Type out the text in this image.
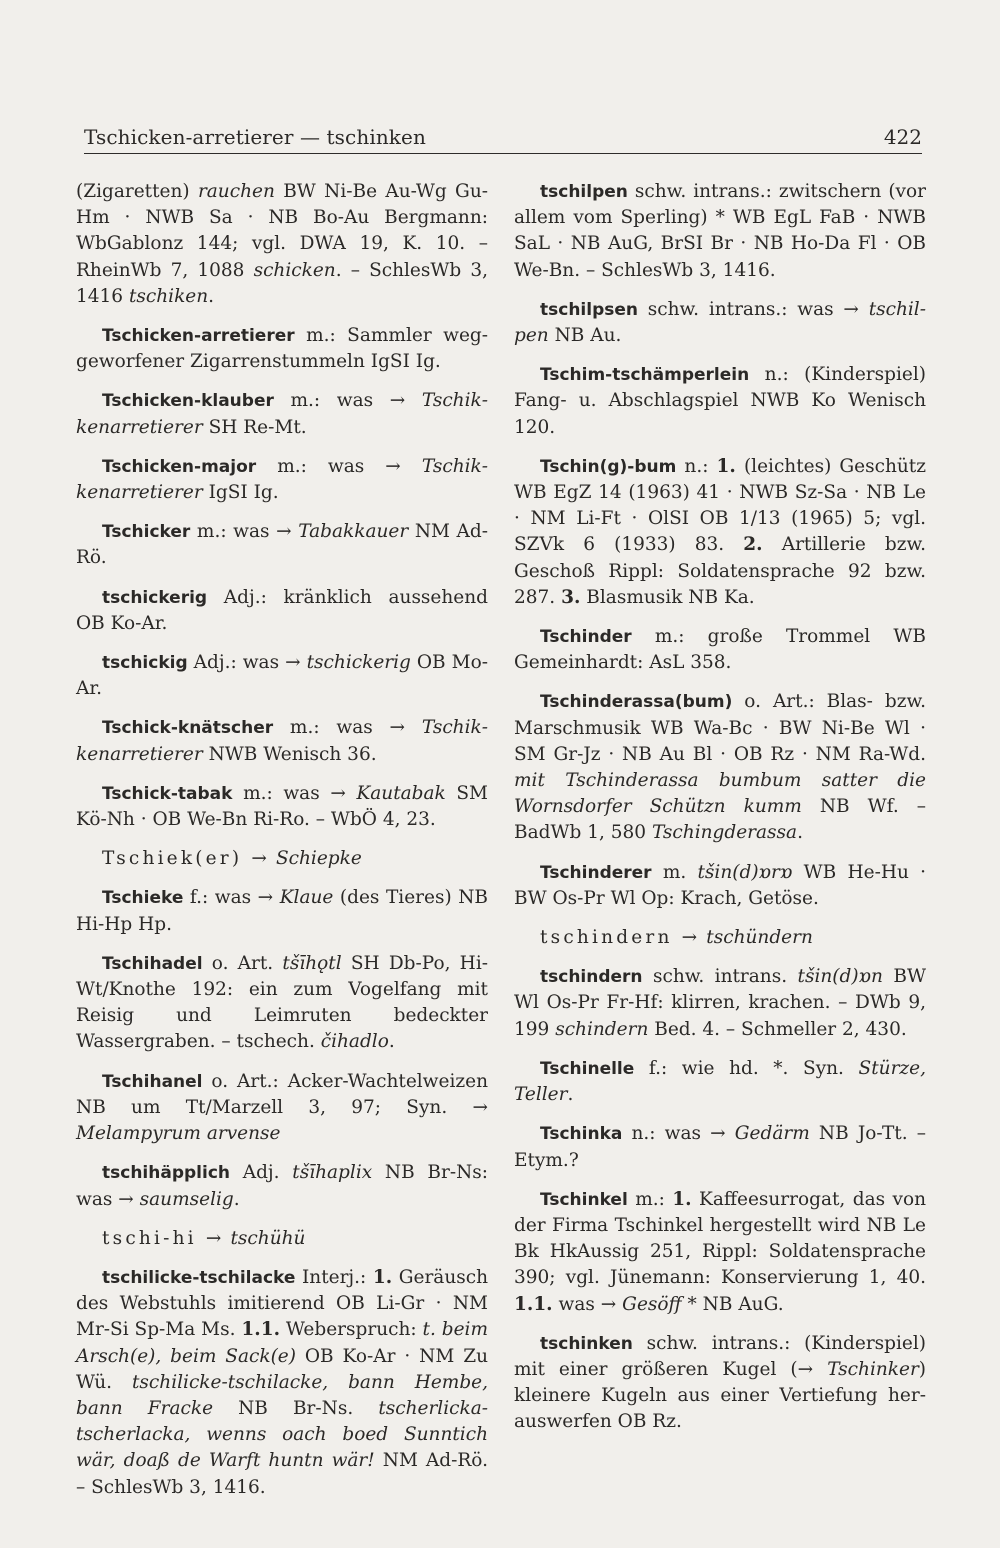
Tschicken-arretierer — tschinken	422

(Zigaretten) rauchen BW Ni-Be Au-Wg Gu-Hm · NWB Sa · NB Bo-Au Bergmann: WbGablonz 144; vgl. DWA 19, K. 10. – RheinWb 7, 1088 schicken. – SchlesWb 3, 1416 tschiken.

Tschicken-arretierer m.: Sammler weggeworfener Zigarrenstummeln IgSI Ig.

Tschicken-klauber m.: was → Tschikkenarretierer SH Re-Mt.

Tschicken-major m.: was → Tschikkenarretierer IgSI Ig.

Tschicker m.: was → Tabakkauer NM Ad-Rö.

tschickerig Adj.: kränklich aussehend OB Ko-Ar.

tschickig Adj.: was → tschickerig OB Mo-Ar.

Tschick-knätscher m.: was → Tschikkenarretierer NWB Wenisch 36.

Tschick-tabak m.: was → Kautabak SM Kö-Nh · OB We-Bn Ri-Ro. – WbÖ 4, 23.

Tschiek(er) → Schiepke

Tschieke f.: was → Klaue (des Tieres) NB Hi-Hp Hp.

Tschihadel o. Art. tšīhǫtl SH Db-Po, Hi-Wt/Knothe 192: ein zum Vogelfang mit Reisig und Leimruten bedeckter Wassergraben. – tschech. čihadlo.

Tschihanel o. Art.: Acker-Wachtelweizen NB um Tt/Marzell 3, 97; Syn. → Melampyrum arvense

tschihäpplich Adj. tšīhaplix NB Br-Ns: was → saumselig.

tschi-hi → tschühü

tschilicke-tschilacke Interj.: 1. Geräusch des Webstuhls imitierend OB Li-Gr · NM Mr-Si Sp-Ma Ms. 1.1. Weberspruch: t. beim Arsch(e), beim Sack(e) OB Ko-Ar · NM Zu Wü. tschilicke-tschilacke, bann Hembe, bann Fracke NB Br-Ns. tscherlicka-tscherlacka, wenns oach boed Sunntich wär, doaß de Warft huntn wär! NM Ad-Rö. – SchlesWb 3, 1416.

tschilpen schw. intrans.: zwitschern (vor allem vom Sperling) * WB EgL FaB · NWB SaL · NB AuG, BrSI Br · NB Ho-Da Fl · OB We-Bn. – SchlesWb 3, 1416.

tschilpsen schw. intrans.: was → tschilpen NB Au.

Tschim-tschämperlein n.: (Kinderspiel) Fang- u. Abschlagspiel NWB Ko Wenisch 120.

Tschin(g)-bum n.: 1. (leichtes) Geschütz WB EgZ 14 (1963) 41 · NWB Sz-Sa · NB Le · NM Li-Ft · OlSI OB 1/13 (1965) 5; vgl. SZVk 6 (1933) 83. 2. Artillerie bzw. Geschoß Rippl: Soldatensprache 92 bzw. 287. 3. Blasmusik NB Ka.

Tschinder m.: große Trommel WB Gemeinhardt: AsL 358.

Tschinderassa(bum) o. Art.: Blas- bzw. Marschmusik WB Wa-Bc · BW Ni-Be Wl · SM Gr-Jz · NB Au Bl · OB Rz · NM Ra-Wd. mit Tschinderassa bumbum satter die Wornsdorfer Schützn kumm NB Wf. – BadWb 1, 580 Tschingderassa.

Tschinderer m. tšin(d)ɒrɒ WB He-Hu · BW Os-Pr Wl Op: Krach, Getöse.

tschindern → tschündern

tschindern schw. intrans. tšin(d)ɒn BW Wl Os-Pr Fr-Hf: klirren, krachen. – DWb 9, 199 schindern Bed. 4. – Schmeller 2, 430.

Tschinelle f.: wie hd. *. Syn. Stürze, Teller.

Tschinka n.: was → Gedärm NB Jo-Tt. – Etym.?

Tschinkel m.: 1. Kaffeesurrogat, das von der Firma Tschinkel hergestellt wird NB Le Bk HkAussig 251, Rippl: Soldatensprache 390; vgl. Jünemann: Konservierung 1, 40. 1.1. was → Gesöff * NB AuG.

tschinken schw. intrans.: (Kinderspiel) mit einer größeren Kugel (→ Tschinker) kleinere Kugeln aus einer Vertiefung herauswerfen OB Rz.
